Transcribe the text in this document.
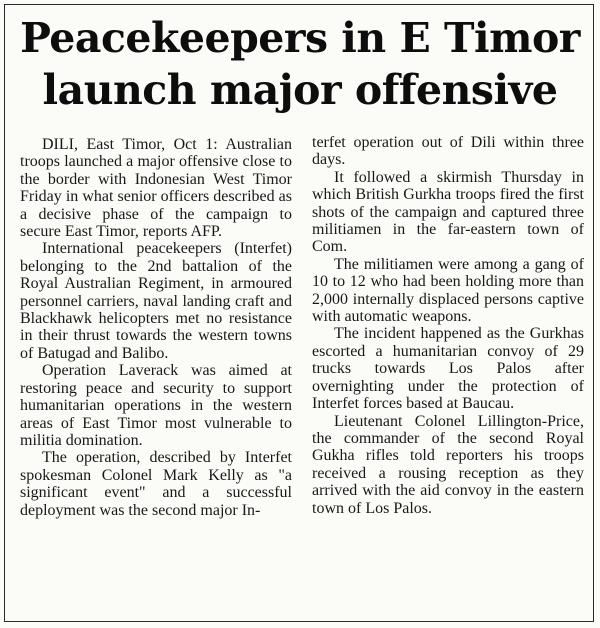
Peacekeepers in E Timor
launch major offensive

DILI, East Timor, Oct 1: Australian troops launched a major offensive close to the border with Indonesian West Timor Friday in what senior officers described as a decisive phase of the campaign to secure East Timor, reports AFP.

International peacekeepers (Interfet) belonging to the 2nd battalion of the Royal Australian Regiment, in armoured personnel carriers, naval landing craft and Blackhawk helicopters met no resistance in their thrust towards the western towns of Batugad and Balibo.

Operation Laverack was aimed at restoring peace and security to support humanitarian operations in the western areas of East Timor most vulnerable to militia domination.

The operation, described by Interfet spokesman Colonel Mark Kelly as "a significant event" and a successful deployment was the second major In-

terfet operation out of Dili within three days.

It followed a skirmish Thursday in which British Gurkha troops fired the first shots of the campaign and captured three militiamen in the far-eastern town of Com.

The militiamen were among a gang of 10 to 12 who had been holding more than 2,000 internally displaced persons captive with automatic weapons.

The incident happened as the Gurkhas escorted a humanitarian convoy of 29 trucks towards Los Palos after overnighting under the protection of Interfet forces based at Baucau.

Lieutenant Colonel Lillington-Price, the commander of the second Royal Gukha rifles told reporters his troops received a rousing reception as they arrived with the aid convoy in the eastern town of Los Palos.
